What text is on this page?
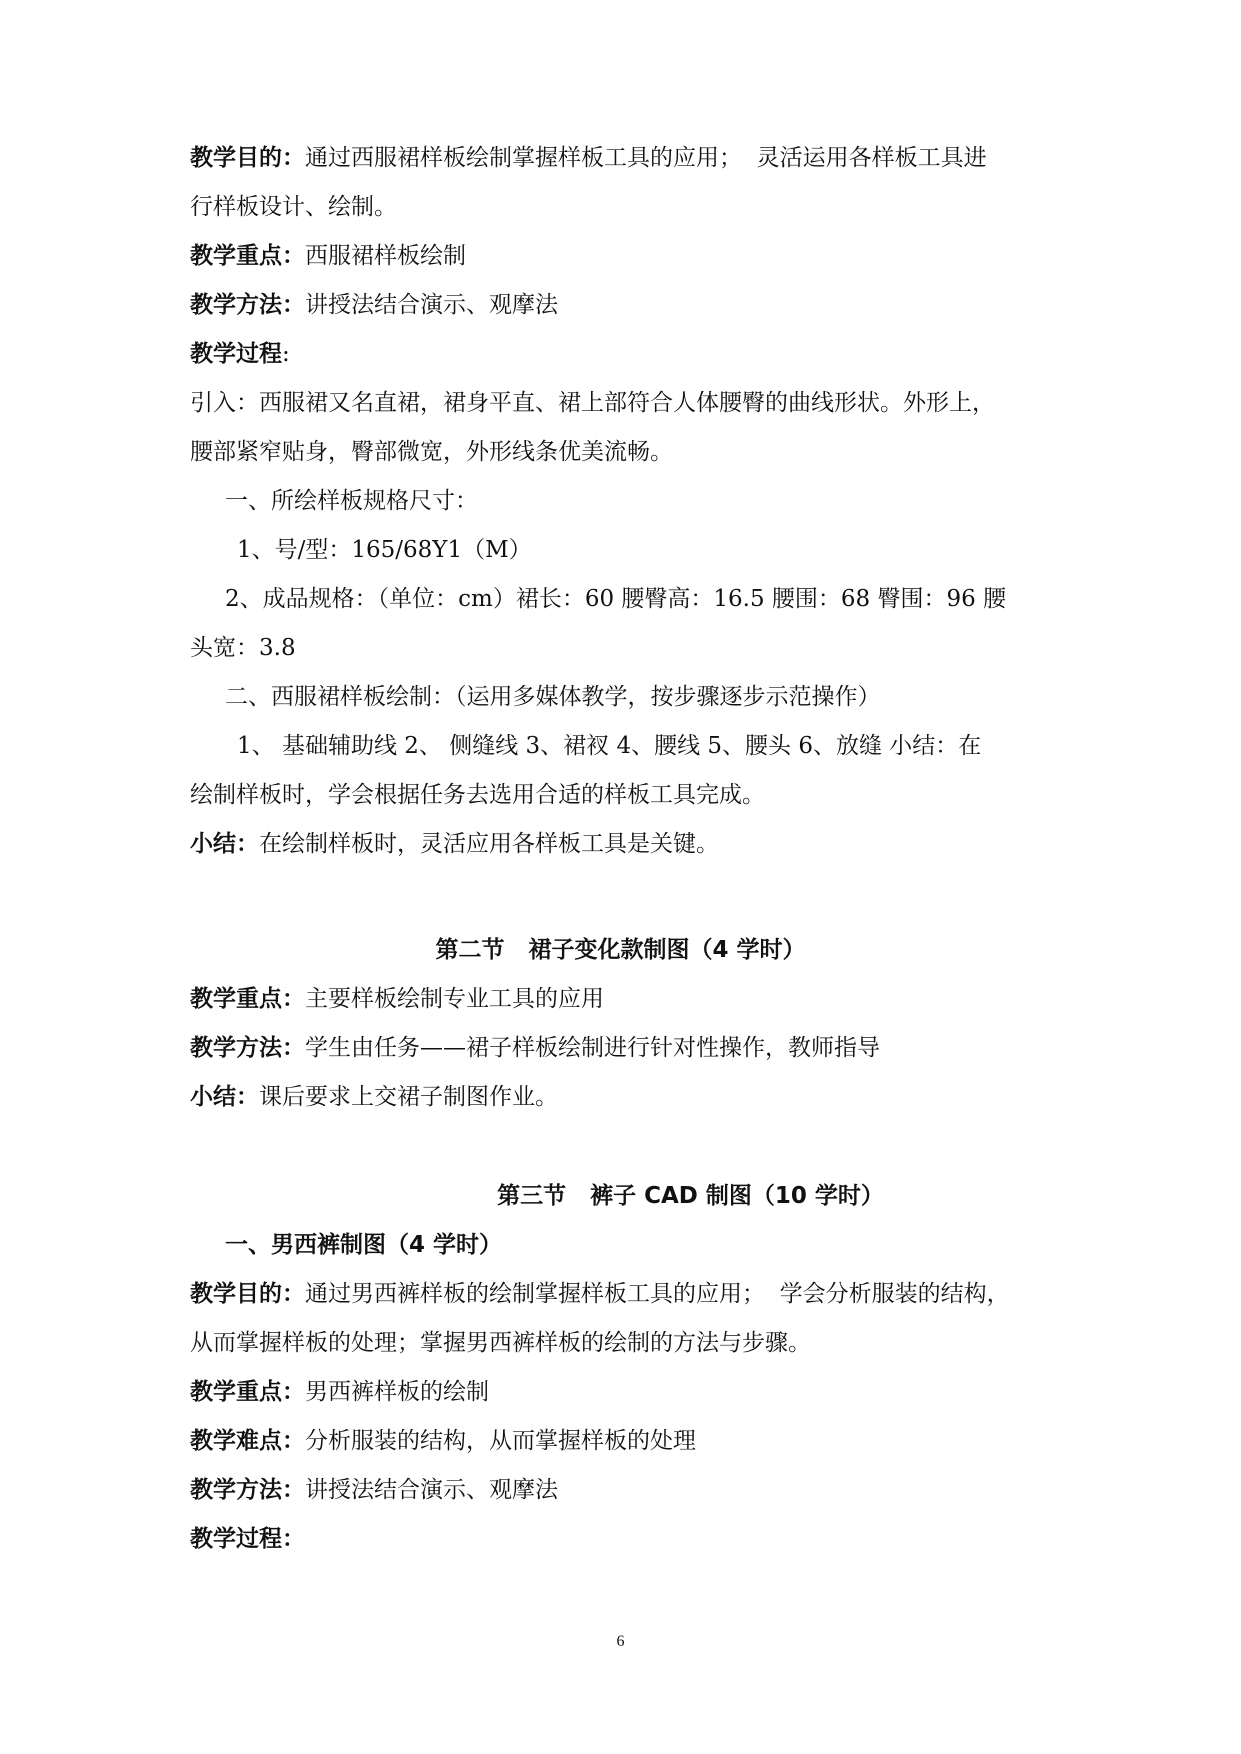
教学目的：通过西服裙样板绘制掌握样板工具的应用；  灵活运用各样板工具进
行样板设计、绘制。
教学重点：西服裙样板绘制
教学方法：讲授法结合演示、观摩法
教学过程:
引入：西服裙又名直裙，裙身平直、裙上部符合人体腰臀的曲线形状。外形上，
腰部紧窄贴身，臀部微宽，外形线条优美流畅。
一、所绘样板规格尺寸：
1、号/型：165/68Y1（M）
2、成品规格：（单位：cm）裙长：60 腰臀高：16.5 腰围：68 臀围：96 腰
头宽：3.8
二、西服裙样板绘制：（运用多媒体教学，按步骤逐步示范操作）
1、 基础辅助线 2、 侧缝线 3、裙衩 4、腰线 5、腰头 6、放缝 小结：在
绘制样板时，学会根据任务去选用合适的样板工具完成。
小结：在绘制样板时，灵活应用各样板工具是关键。
第二节   裙子变化款制图（4 学时）
教学重点：主要样板绘制专业工具的应用
教学方法：学生由任务——裙子样板绘制进行针对性操作，教师指导
小结：课后要求上交裙子制图作业。
第三节   裤子 CAD 制图（10 学时）
一、男西裤制图（4 学时）
教学目的：通过男西裤样板的绘制掌握样板工具的应用；  学会分析服装的结构，
从而掌握样板的处理；掌握男西裤样板的绘制的方法与步骤。
教学重点：男西裤样板的绘制
教学难点：分析服装的结构，从而掌握样板的处理
教学方法：讲授法结合演示、观摩法
教学过程：
6
